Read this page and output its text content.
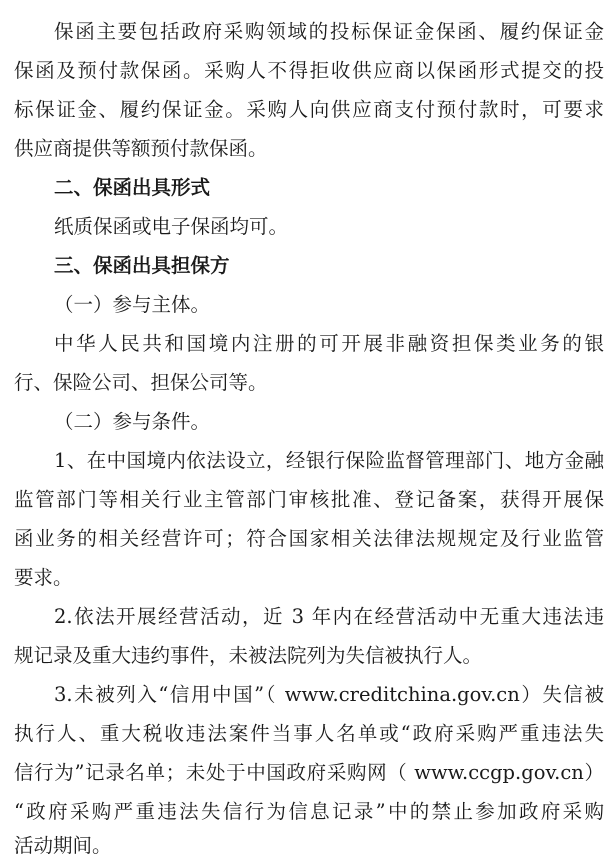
保函主要包括政府采购领域的投标保证金保函、履约保证金
保函及预付款保函。采购人不得拒收供应商以保函形式提交的投
标保证金、履约保证金。采购人向供应商支付预付款时，可要求
供应商提供等额预付款保函。
二、保函出具形式
纸质保函或电子保函均可。
三、保函出具担保方
（一）参与主体。
中华人民共和国境内注册的可开展非融资担保类业务的银
行、保险公司、担保公司等。
（二）参与条件。
1、在中国境内依法设立，经银行保险监督管理部门、地方金融
监管部门等相关行业主管部门审核批准、登记备案，获得开展保
函业务的相关经营许可；符合国家相关法律法规规定及行业监管
要求。
2.依法开展经营活动，近 3 年内在经营活动中无重大违法违
规记录及重大违约事件，未被法院列为失信被执行人。
3.未被列入“信用中国”（ www.creditchina.gov.cn）失信被
执行人、重大税收违法案件当事人名单或“政府采购严重违法失
信行为”记录名单；未处于中国政府采购网（ www.ccgp.gov.cn）
“政府采购严重违法失信行为信息记录”中的禁止参加政府采购
活动期间。
